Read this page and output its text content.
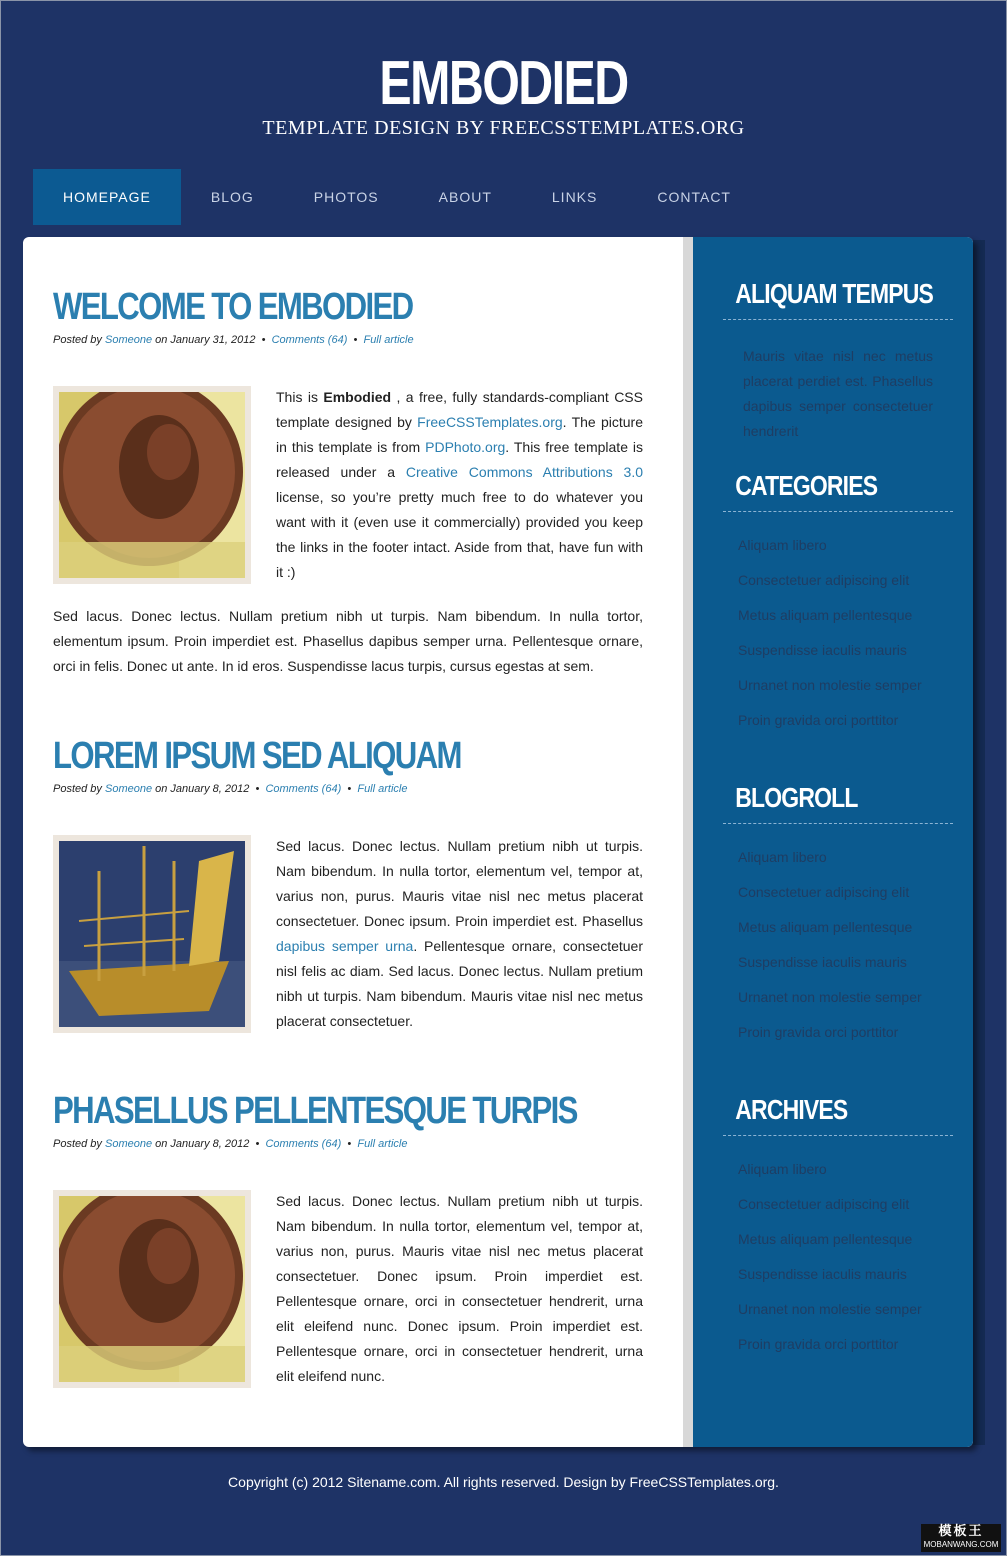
EMBODIED
TEMPLATE DESIGN BY FREECSSTEMPLATES.ORG
HOMEPAGE	BLOG	PHOTOS	ABOUT	LINKS	CONTACT
WELCOME TO EMBODIED
Posted by Someone on January 31, 2012 • Comments (64) • Full article
This is Embodied , a free, fully standards-compliant CSS template designed by FreeCSSTemplates.org. The picture in this template is from PDPhoto.org. This free template is released under a Creative Commons Attributions 3.0 license, so you’re pretty much free to do whatever you want with it (even use it commercially) provided you keep the links in the footer intact. Aside from that, have fun with it :)
Sed lacus. Donec lectus. Nullam pretium nibh ut turpis. Nam bibendum. In nulla tortor, elementum ipsum. Proin imperdiet est. Phasellus dapibus semper urna. Pellentesque ornare, orci in felis. Donec ut ante. In id eros. Suspendisse lacus turpis, cursus egestas at sem.
LOREM IPSUM SED ALIQUAM
Posted by Someone on January 8, 2012 • Comments (64) • Full article
Sed lacus. Donec lectus. Nullam pretium nibh ut turpis. Nam bibendum. In nulla tortor, elementum vel, tempor at, varius non, purus. Mauris vitae nisl nec metus placerat consectetuer. Donec ipsum. Proin imperdiet est. Phasellus dapibus semper urna. Pellentesque ornare, consectetuer nisl felis ac diam. Sed lacus. Donec lectus. Nullam pretium nibh ut turpis. Nam bibendum. Mauris vitae nisl nec metus placerat consectetuer.
PHASELLUS PELLENTESQUE TURPIS
Posted by Someone on January 8, 2012 • Comments (64) • Full article
Sed lacus. Donec lectus. Nullam pretium nibh ut turpis. Nam bibendum. In nulla tortor, elementum vel, tempor at, varius non, purus. Mauris vitae nisl nec metus placerat consectetuer. Donec ipsum. Proin imperdiet est. Pellentesque ornare, orci in consectetuer hendrerit, urna elit eleifend nunc. Donec ipsum. Proin imperdiet est. Pellentesque ornare, orci in consectetuer hendrerit, urna elit eleifend nunc.
ALIQUAM TEMPUS
Mauris vitae nisl nec metus placerat perdiet est. Phasellus dapibus semper consectetuer hendrerit
CATEGORIES
Aliquam libero
Consectetuer adipiscing elit
Metus aliquam pellentesque
Suspendisse iaculis mauris
Urnanet non molestie semper
Proin gravida orci porttitor
BLOGROLL
Aliquam libero
Consectetuer adipiscing elit
Metus aliquam pellentesque
Suspendisse iaculis mauris
Urnanet non molestie semper
Proin gravida orci porttitor
ARCHIVES
Aliquam libero
Consectetuer adipiscing elit
Metus aliquam pellentesque
Suspendisse iaculis mauris
Urnanet non molestie semper
Proin gravida orci porttitor
Copyright (c) 2012 Sitename.com. All rights reserved. Design by FreeCSSTemplates.org.
模板王
MOBANWANG.COM
